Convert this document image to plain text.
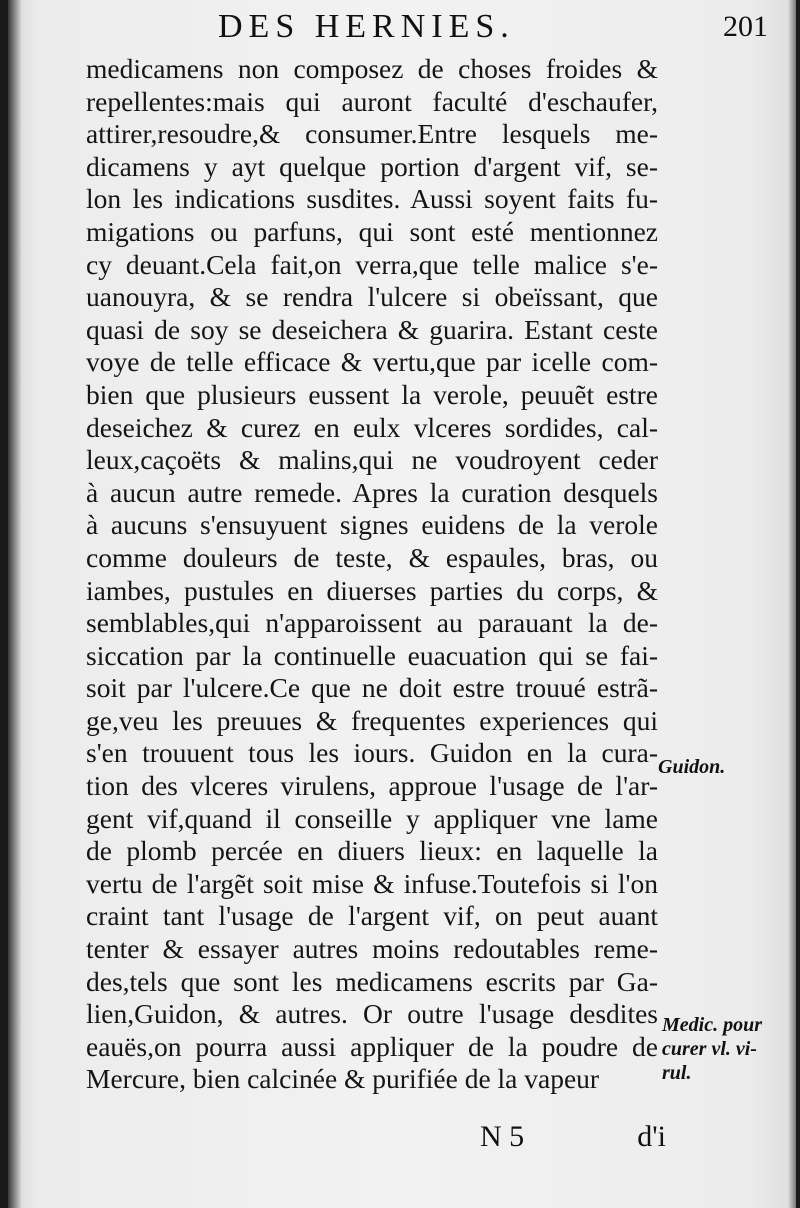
DES HERNIES.	201
medicamens non composez de choses froides &
repellentes:mais qui auront faculté d'eschaufer,
attirer,resoudre,& consumer.Entre lesquels me-
dicamens y ayt quelque portion d'argent vif, se-
lon les indications susdites. Aussi soyent faits fu-
migations ou parfuns, qui sont esté mentionnez
cy deuant.Cela fait,on verra,que telle malice s'e-
uanouyra, & se rendra l'ulcere si obeïssant, que
quasi de soy se deseichera & guarira. Estant ceste
voye de telle efficace & vertu,que par icelle com-
bien que plusieurs eussent la verole, peuuẽt estre
deseichez & curez en eulx vlceres sordides, cal-
leux,caçoëts & malins,qui ne voudroyent ceder
à aucun autre remede. Apres la curation desquels
à aucuns s'ensuyuent signes euidens de la verole
comme douleurs de teste, & espaules, bras, ou
iambes, pustules en diuerses parties du corps, &
semblables,qui n'apparoissent au parauant la de-
siccation par la continuelle euacuation qui se fai-
soit par l'ulcere.Ce que ne doit estre trouué estrã-
ge,veu les preuues & frequentes experiences qui
s'en trouuent tous les iours. Guidon en la cura-
tion des vlceres virulens, approue l'usage de l'ar-
gent vif,quand il conseille y appliquer vne lame
de plomb percée en diuers lieux: en laquelle la
vertu de l'argẽt soit mise & infuse.Toutefois si l'on
craint tant l'usage de l'argent vif, on peut auant
tenter & essayer autres moins redoutables reme-
des,tels que sont les medicamens escrits par Ga-
lien,Guidon, & autres. Or outre l'usage desdites
eauës,on pourra aussi appliquer de la poudre de
Mercure, bien calcinée & purifiée de la vapeur
Guidon.
Medic. pour
curer vl. vi-
rul.
N 5	d'i
